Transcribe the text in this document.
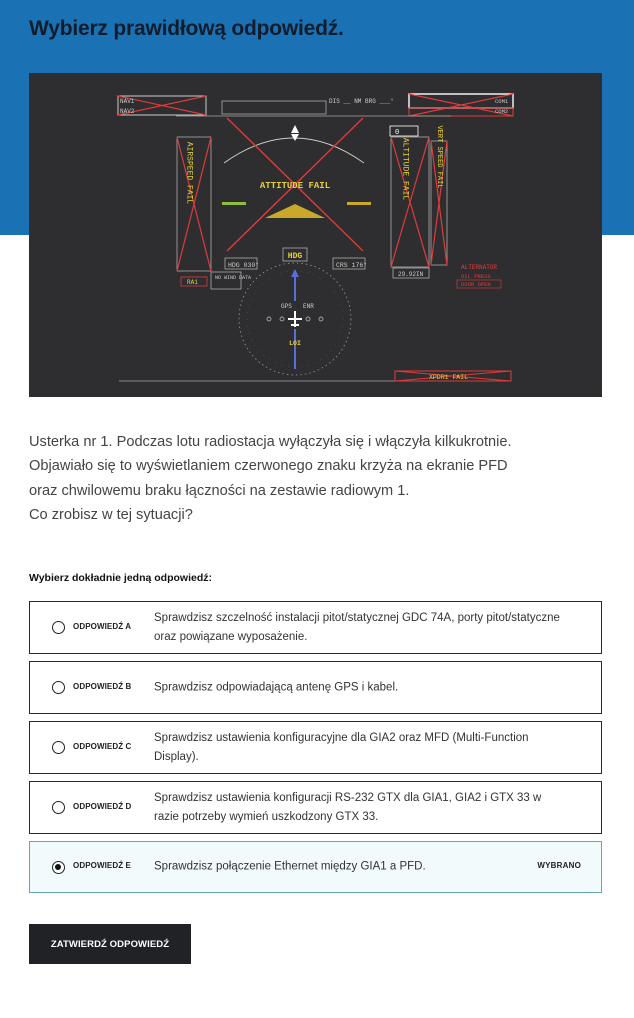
Wybierz prawidłową odpowiedź.
NAV1
NAV2
DIS __ NM BRG ___°	COM1
COM2
ATTITUDE FAIL
AIRSPEED FAIL
0
ALTITUDE FAIL	VERT SPEED FAIL
29.92IN
ALTERNATOR
OIL PRESS
DOOR OPEN
HDG 030°	CRS 176°
NO WIND DATA
RA1
HDG
GPS ENR
LOI
XPDR1 FAIL
Usterka nr 1. Podczas lotu radiostacja wyłączyła się i włączyła kilkukrotnie.
Objawiało się to wyświetlaniem czerwonego znaku krzyża na ekranie PFD
oraz chwilowemu braku łączności na zestawie radiowym 1.
Co zrobisz w tej sytuacji?
Wybierz dokładnie jedną odpowiedź:
ODPOWIEDŹ A
Sprawdzisz szczelność instalacji pitot/statycznej GDC 74A, porty pitot/statyczne oraz powiązane wyposażenie.
ODPOWIEDŹ B Sprawdzisz odpowiadającą antenę GPS i kabel.
ODPOWIEDŹ C
Sprawdzisz ustawienia konfiguracyjne dla GIA2 oraz MFD (Multi-Function Display).
ODPOWIEDŹ D
Sprawdzisz ustawienia konfiguracji RS-232 GTX dla GIA1, GIA2 i GTX 33 w razie potrzeby wymień uszkodzony GTX 33.
ODPOWIEDŹ E Sprawdzisz połączenie Ethernet między GIA1 a PFD.	WYBRANO
ZATWIERDŹ ODPOWIEDŹ
